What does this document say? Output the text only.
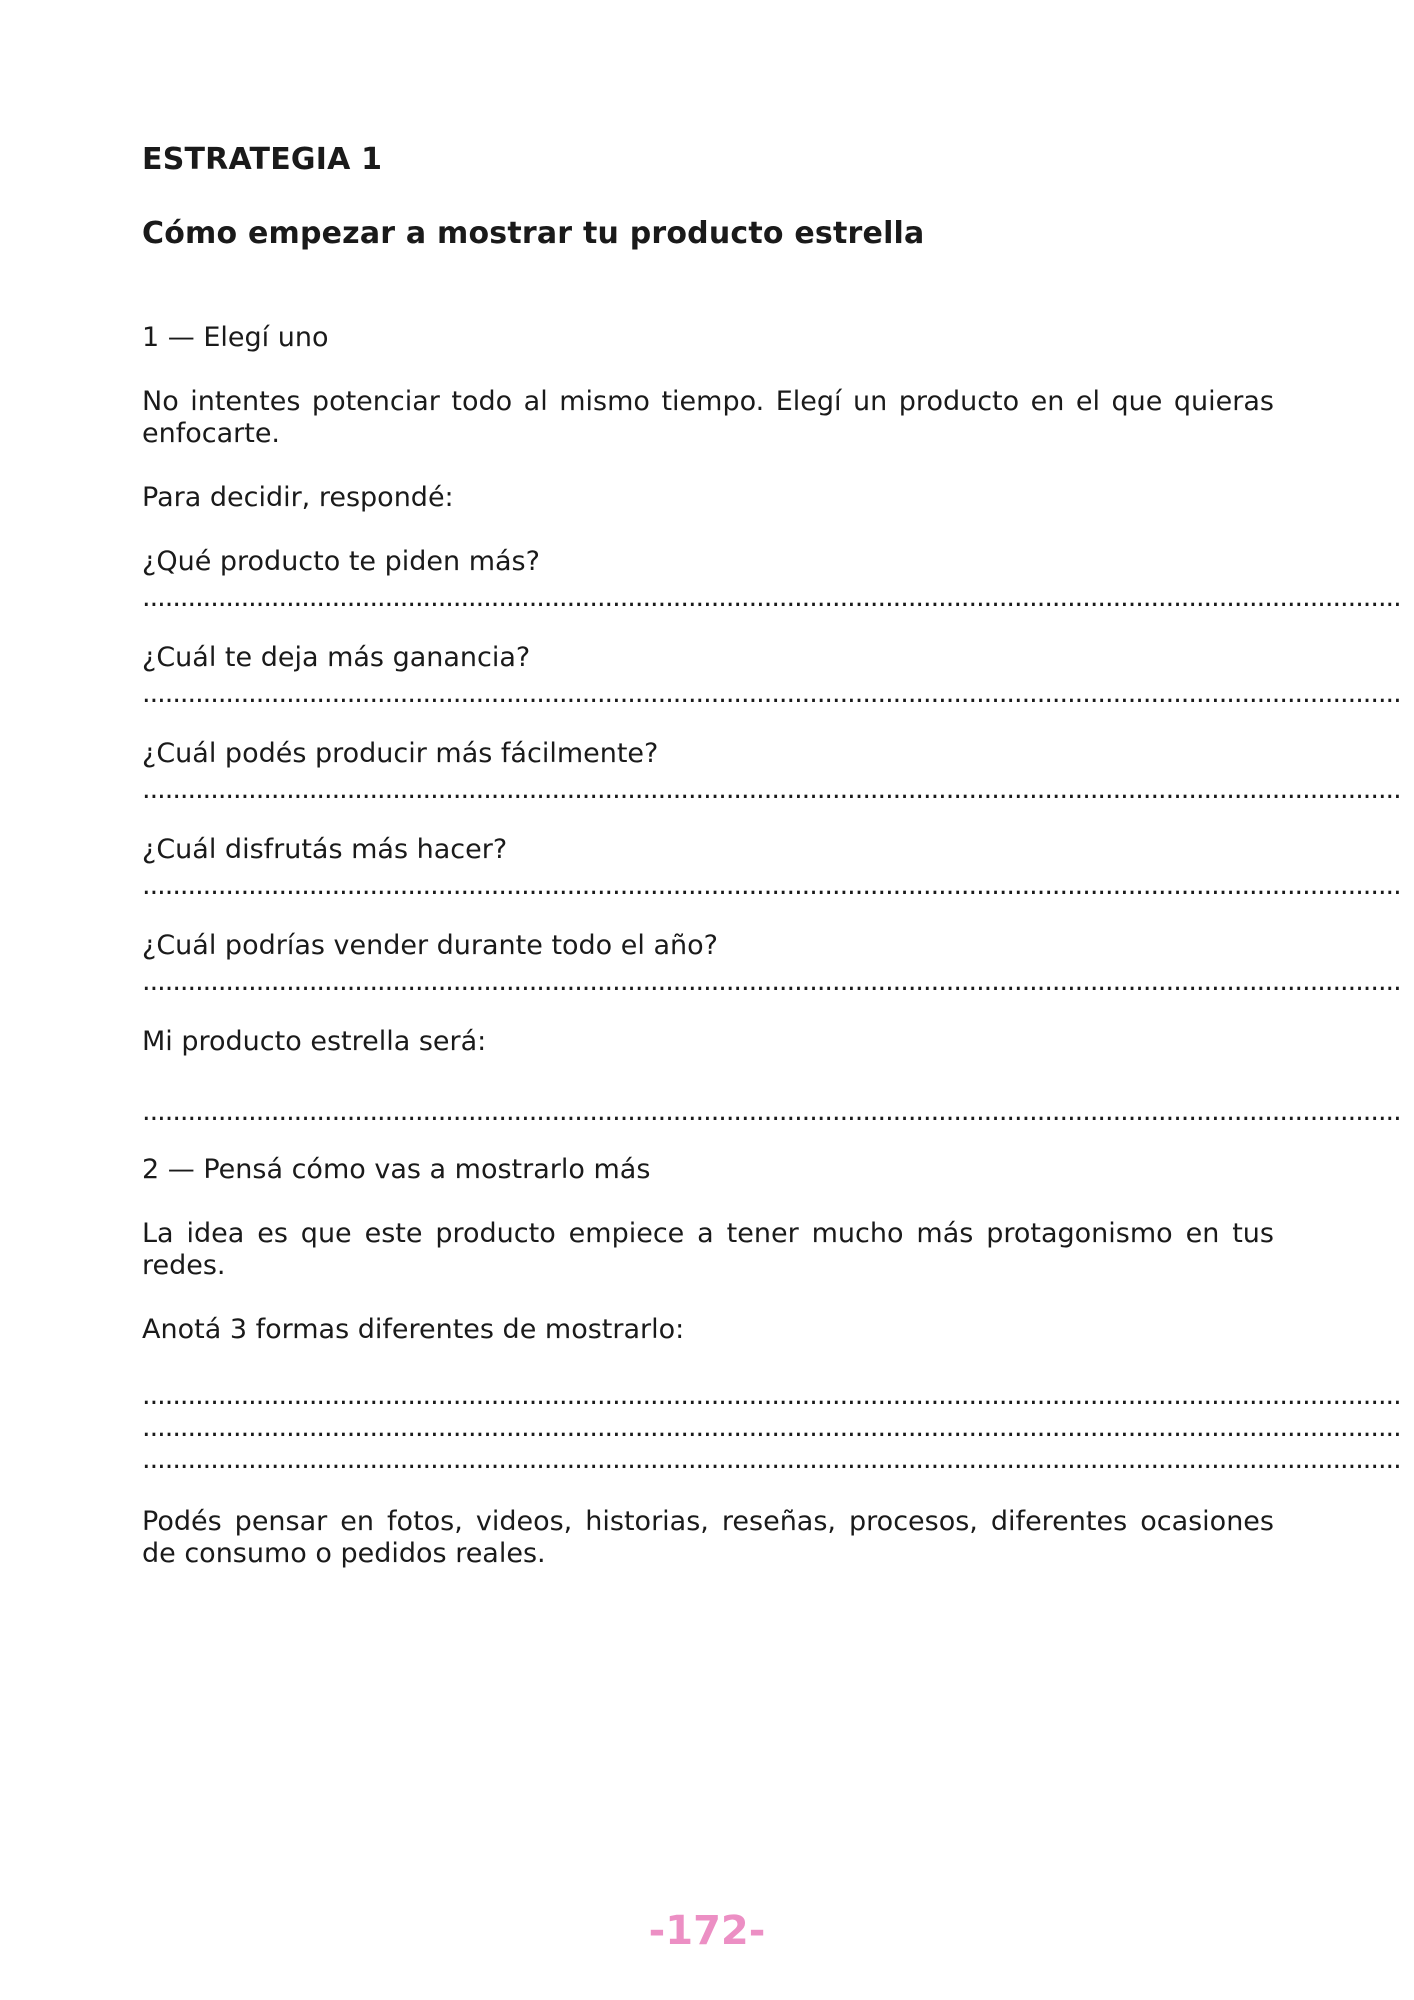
ESTRATEGIA 1
Cómo empezar a mostrar tu producto estrella
1 — Elegí uno
No intentes potenciar todo al mismo tiempo. Elegí un producto en el que quieras enfocarte.
Para decidir, respondé:
¿Qué producto te piden más?
......................................................................................................................................................................
¿Cuál te deja más ganancia?
......................................................................................................................................................................
¿Cuál podés producir más fácilmente?
......................................................................................................................................................................
¿Cuál disfrutás más hacer?
......................................................................................................................................................................
¿Cuál podrías vender durante todo el año?
......................................................................................................................................................................
Mi producto estrella será:
......................................................................................................................................................................
2 — Pensá cómo vas a mostrarlo más
La idea es que este producto empiece a tener mucho más protagonismo en tus redes.
Anotá 3 formas diferentes de mostrarlo:
......................................................................................................................................................................
......................................................................................................................................................................
......................................................................................................................................................................
Podés pensar en fotos, videos, historias, reseñas, procesos, diferentes ocasiones de consumo o pedidos reales.
-172-
